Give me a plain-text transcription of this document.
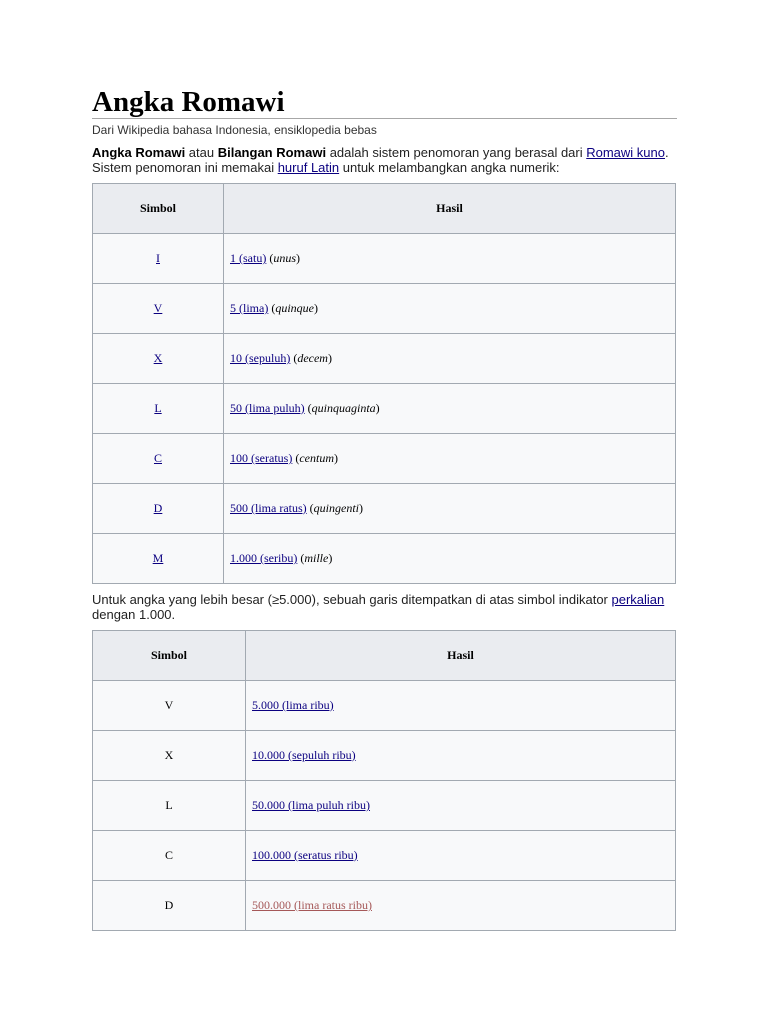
Angka Romawi
Dari Wikipedia bahasa Indonesia, ensiklopedia bebas

Angka Romawi atau Bilangan Romawi adalah sistem penomoran yang berasal dari Romawi kuno. Sistem penomoran ini memakai huruf Latin untuk melambangkan angka numerik:

Simbol	Hasil
I	1 (satu) (unus)
V	5 (lima) (quinque)
X	10 (sepuluh) (decem)
L	50 (lima puluh) (quinquaginta)
C	100 (seratus) (centum)
D	500 (lima ratus) (quingenti)
M	1.000 (seribu) (mille)

Untuk angka yang lebih besar (≥5.000), sebuah garis ditempatkan di atas simbol indikator perkalian dengan 1.000.

Simbol	Hasil
V	5.000 (lima ribu)
X	10.000 (sepuluh ribu)
L	50.000 (lima puluh ribu)
C	100.000 (seratus ribu)
D	500.000 (lima ratus ribu)
